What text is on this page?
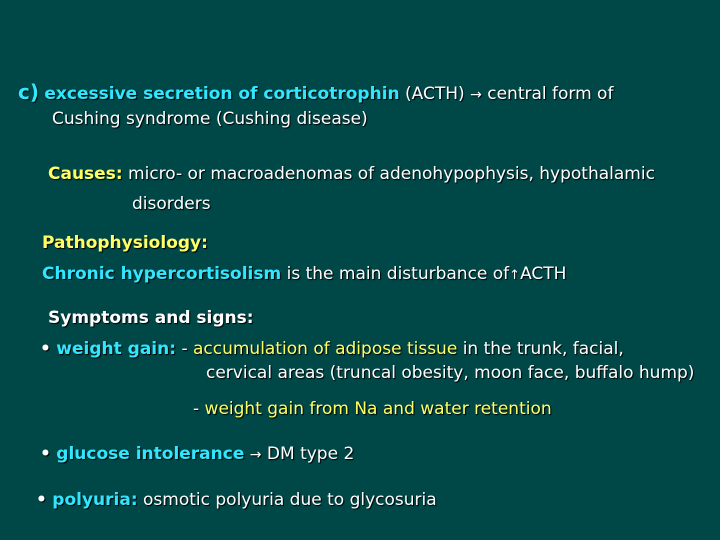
c) excessive secretion of corticotrophin (ACTH) → central form of
Cushing syndrome (Cushing disease)
Causes: micro- or macroadenomas of adenohypophysis, hypothalamic
disorders
Pathophysiology:
Chronic hypercortisolism is the main disturbance of↑ACTH
Symptoms and signs:
• weight gain: - accumulation of adipose tissue in the trunk, facial,
cervical areas (truncal obesity, moon face, buffalo hump)
- weight gain from Na and water retention
• glucose intolerance → DM type 2
• polyuria: osmotic polyuria due to glycosuria
